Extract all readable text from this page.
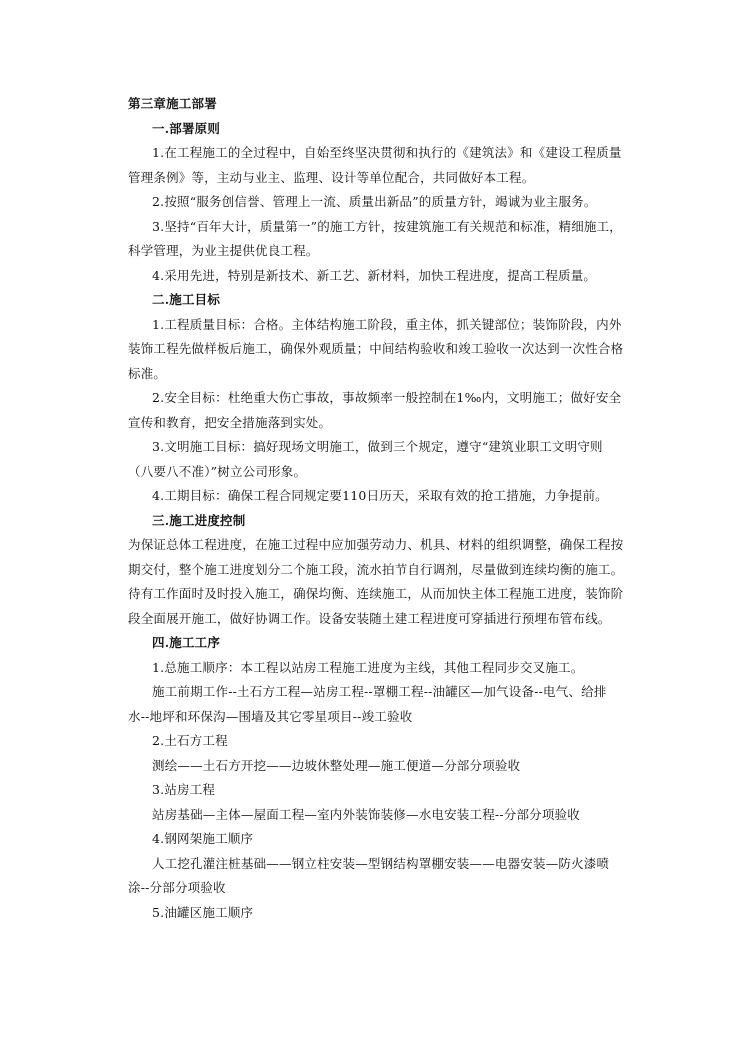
第三章施工部署
一.部署原则
1.在工程施工的全过程中，自始至终坚决贯彻和执行的《建筑法》和《建设工程质量
管理条例》等，主动与业主、监理、设计等单位配合，共同做好本工程。
2.按照“服务创信誉、管理上一流、质量出新品”的质量方针，竭诚为业主服务。
3.坚持“百年大计，质量第一”的施工方针，按建筑施工有关规范和标准，精细施工，
科学管理，为业主提供优良工程。
4.采用先进，特别是新技术、新工艺、新材料，加快工程进度，提高工程质量。
二.施工目标
1.工程质量目标：合格。主体结构施工阶段，重主体，抓关键部位；装饰阶段，内外
装饰工程先做样板后施工，确保外观质量；中间结构验收和竣工验收一次达到一次性合格
标准。
2.安全目标：杜绝重大伤亡事故，事故频率一般控制在1‰内，文明施工；做好安全
宣传和教育，把安全措施落到实处。
3.文明施工目标：搞好现场文明施工，做到三个规定，遵守“建筑业职工文明守则
（八要八不准）”树立公司形象。
4.工期目标：确保工程合同规定要110日历天，采取有效的抢工措施，力争提前。
三.施工进度控制
为保证总体工程进度，在施工过程中应加强劳动力、机具、材料的组织调整，确保工程按
期交付，整个施工进度划分二个施工段，流水拍节自行调剂，尽量做到连续均衡的施工。
待有工作面时及时投入施工，确保均衡、连续施工，从而加快主体工程施工进度，装饰阶
段全面展开施工，做好协调工作。设备安装随土建工程进度可穿插进行预埋布管布线。
四.施工工序
1.总施工顺序：本工程以站房工程施工进度为主线，其他工程同步交叉施工。
施工前期工作--土石方工程—站房工程--罩棚工程--油罐区—加气设备--电气、给排
水--地坪和环保沟—围墙及其它零星项目--竣工验收
2.土石方工程
测绘——土石方开挖——边坡休整处理—施工便道—分部分项验收
3.站房工程
站房基础—主体—屋面工程—室内外装饰装修—水电安装工程--分部分项验收
4.钢网架施工顺序
人工挖孔灌注桩基础——钢立柱安装—型钢结构罩棚安装——电器安装—防火漆喷
涂--分部分项验收
5.油罐区施工顺序
